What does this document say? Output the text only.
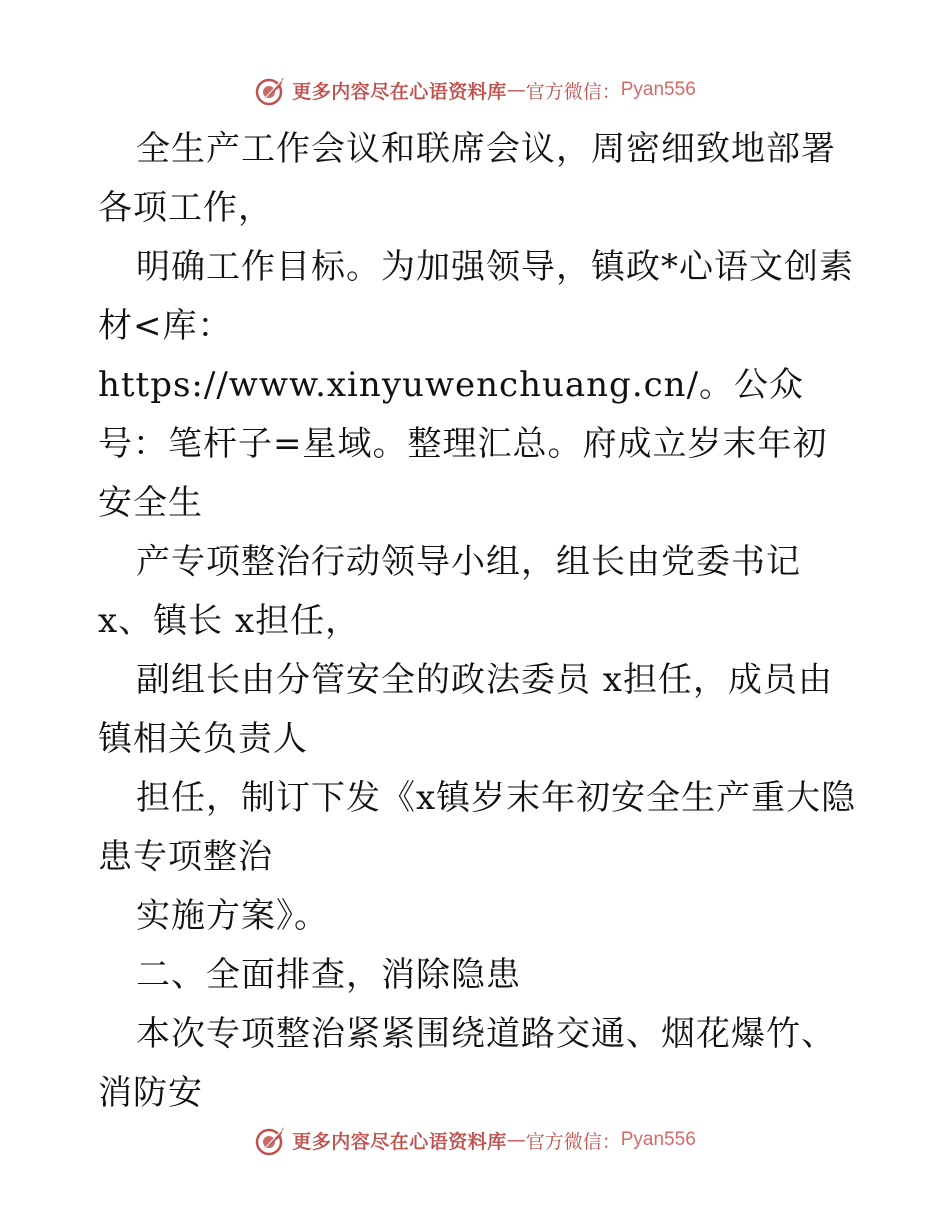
更多内容尽在心语资料库 — 官方微信： Pyan556

全生产工作会议和联席会议，周密细致地部署各项工作，

明确工作目标。为加强领导，镇政*心语文创素材<库：https://www.xinyuwenchuang.cn/。公众号：笔杆子=星域。整理汇总。府成立岁末年初安全生

产专项整治行动领导小组，组长由党委书记 x、镇长 x担任，

副组长由分管安全的政法委员 x担任，成员由镇相关负责人

担任，制订下发《x镇岁末年初安全生产重大隐患专项整治

实施方案》。

二、全面排查，消除隐患

本次专项整治紧紧围绕道路交通、烟花爆竹、消防安

更多内容尽在心语资料库 — 官方微信： Pyan556
